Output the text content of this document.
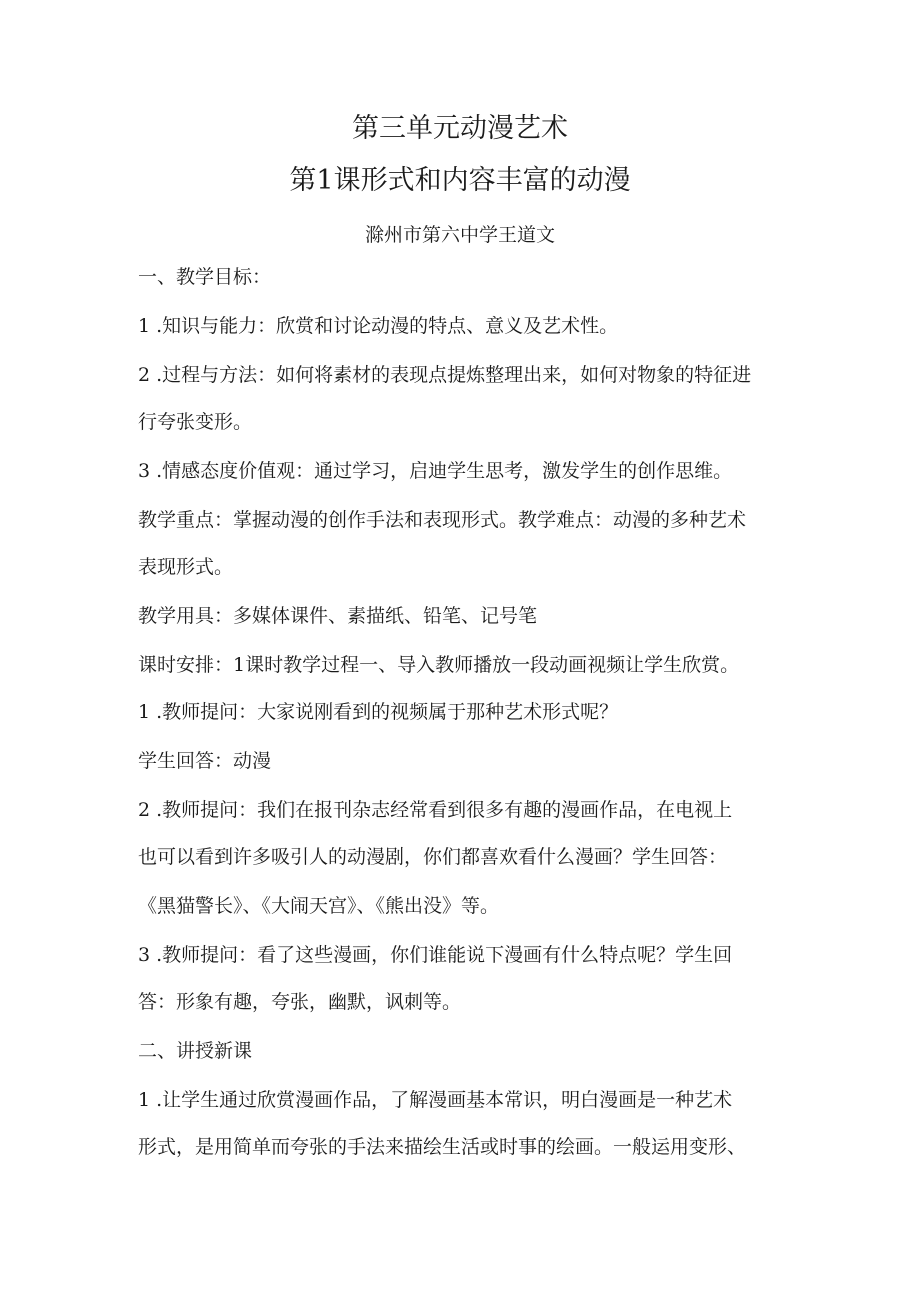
第三单元动漫艺术
第1课形式和内容丰富的动漫
滁州市第六中学王道文
一、教学目标：
1 .知识与能力：欣赏和讨论动漫的特点、意义及艺术性。
2 .过程与方法：如何将素材的表现点提炼整理出来，如何对物象的特征进
行夸张变形。
3 .情感态度价值观：通过学习，启迪学生思考，激发学生的创作思维。
教学重点：掌握动漫的创作手法和表现形式。教学难点：动漫的多种艺术
表现形式。
教学用具：多媒体课件、素描纸、铅笔、记号笔
课时安排：1课时教学过程一、导入教师播放一段动画视频让学生欣赏。
1 .教师提问：大家说刚看到的视频属于那种艺术形式呢？
学生回答：动漫
2 .教师提问：我们在报刊杂志经常看到很多有趣的漫画作品，在电视上
也可以看到许多吸引人的动漫剧，你们都喜欢看什么漫画？学生回答：
《黑猫警长》、《大闹天宫》、《熊出没》等。
3 .教师提问：看了这些漫画，你们谁能说下漫画有什么特点呢？学生回
答：形象有趣，夸张，幽默，讽刺等。
二、讲授新课
1 .让学生通过欣赏漫画作品，了解漫画基本常识，明白漫画是一种艺术
形式，是用简单而夸张的手法来描绘生活或时事的绘画。一般运用变形、
